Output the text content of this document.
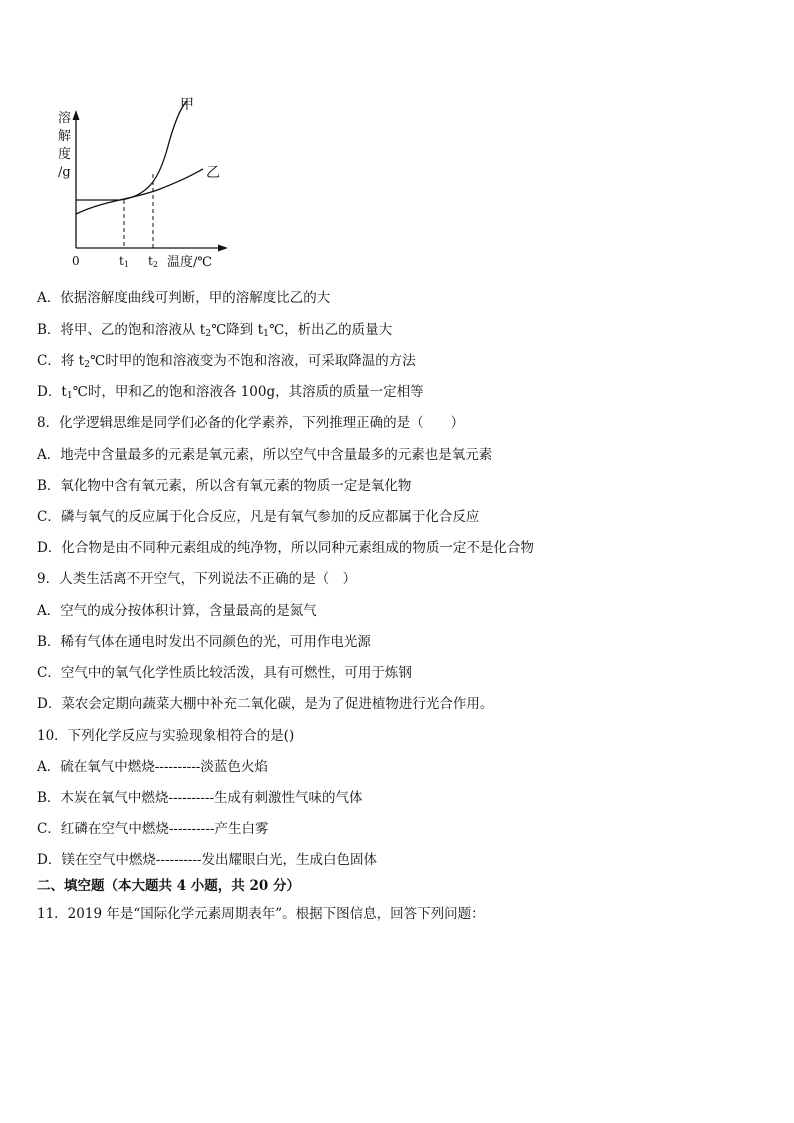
溶
解
度
/g
0	t1 t2 温度/℃
甲
乙
A．依据溶解度曲线可判断，甲的溶解度比乙的大
B．将甲、乙的饱和溶液从 $t_2℃$降到 $t_1℃$，析出乙的质量大
C．将 $t_2℃$时甲的饱和溶液变为不饱和溶液，可采取降温的方法
D．$t_1℃$时，甲和乙的饱和溶液各 100g，其溶质的质量一定相等
8．化学逻辑思维是同学们必备的化学素养，下列推理正确的是（　　）
A．地壳中含量最多的元素是氧元素，所以空气中含量最多的元素也是氧元素
B．氧化物中含有氧元素，所以含有氧元素的物质一定是氧化物
C．磷与氧气的反应属于化合反应，凡是有氧气参加的反应都属于化合反应
D．化合物是由不同种元素组成的纯净物，所以同种元素组成的物质一定不是化合物
9．人类生活离不开空气，下列说法不正确的是（　）
A．空气的成分按体积计算，含量最高的是氮气
B．稀有气体在通电时发出不同颜色的光，可用作电光源
C．空气中的氧气化学性质比较活泼，具有可燃性，可用于炼钢
D．菜农会定期向蔬菜大棚中补充二氧化碳，是为了促进植物进行光合作用。
10．下列化学反应与实验现象相符合的是()
A．硫在氧气中燃烧----------淡蓝色火焰
B．木炭在氧气中燃烧----------生成有刺激性气味的气体
C．红磷在空气中燃烧----------产生白雾
D．镁在空气中燃烧----------发出耀眼白光，生成白色固体
二、填空题（本大题共 4 小题，共 20 分）
11．2019 年是“国际化学元素周期表年”。根据下图信息，回答下列问题：
